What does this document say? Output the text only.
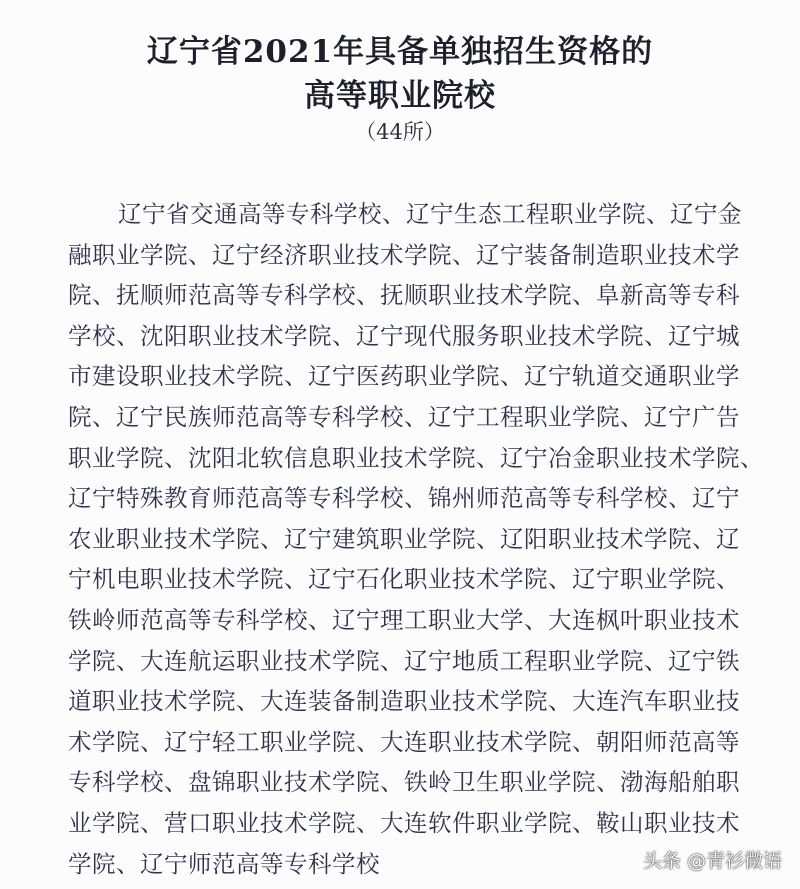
辽宁省2021年具备单独招生资格的
高等职业院校
（44所）
辽宁省交通高等专科学校、辽宁生态工程职业学院、辽宁金
融职业学院、辽宁经济职业技术学院、辽宁装备制造职业技术学
院、抚顺师范高等专科学校、抚顺职业技术学院、阜新高等专科
学校、沈阳职业技术学院、辽宁现代服务职业技术学院、辽宁城
市建设职业技术学院、辽宁医药职业学院、辽宁轨道交通职业学
院、辽宁民族师范高等专科学校、辽宁工程职业学院、辽宁广告
职业学院、沈阳北软信息职业技术学院、辽宁冶金职业技术学院、
辽宁特殊教育师范高等专科学校、锦州师范高等专科学校、辽宁
农业职业技术学院、辽宁建筑职业学院、辽阳职业技术学院、辽
宁机电职业技术学院、辽宁石化职业技术学院、辽宁职业学院、
铁岭师范高等专科学校、辽宁理工职业大学、大连枫叶职业技术
学院、大连航运职业技术学院、辽宁地质工程职业学院、辽宁铁
道职业技术学院、大连装备制造职业技术学院、大连汽车职业技
术学院、辽宁轻工职业学院、大连职业技术学院、朝阳师范高等
专科学校、盘锦职业技术学院、铁岭卫生职业学院、渤海船舶职
业学院、营口职业技术学院、大连软件职业学院、鞍山职业技术
学院、辽宁师范高等专科学校	头条 @青衫微语
